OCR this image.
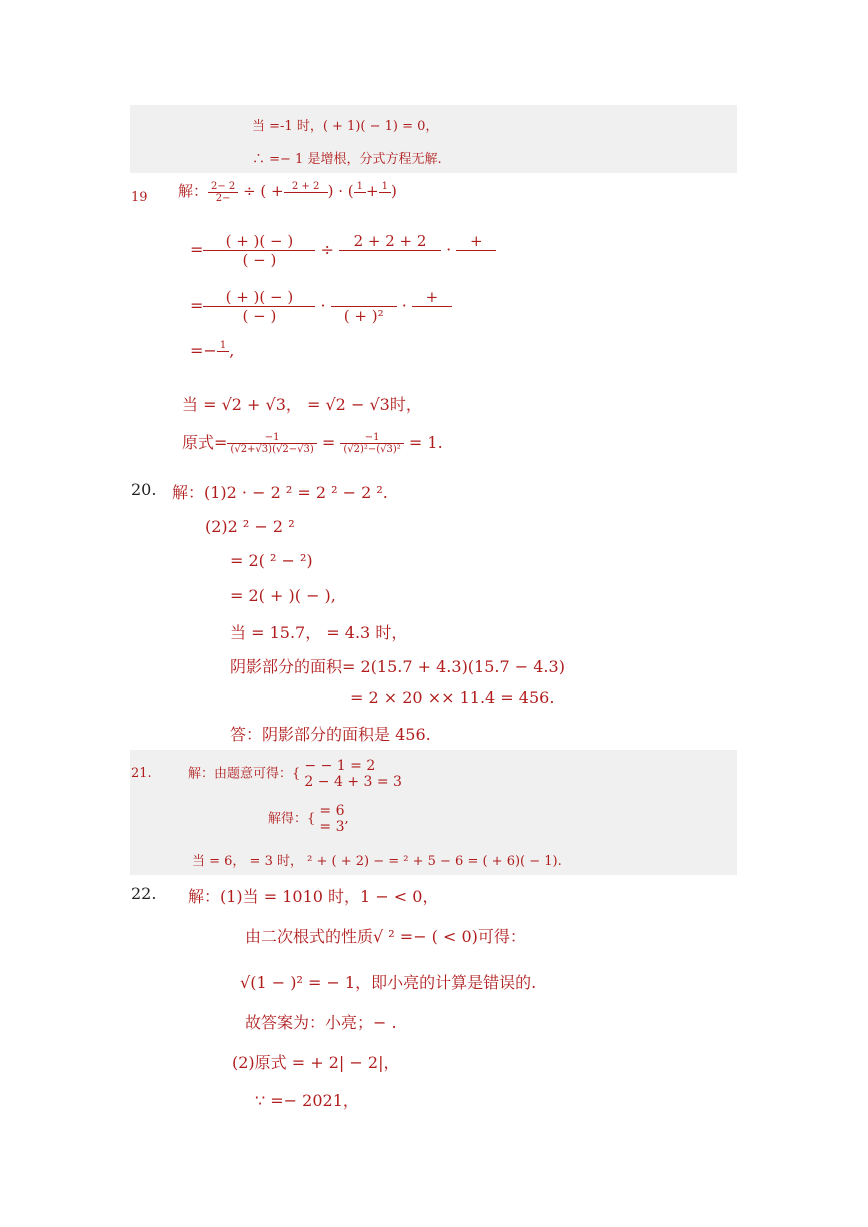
当 =-1 时，( + 1)( − 1) = 0，
∴ =− 1 是增根，分式方程无解.
19 解： $\frac{2- 2}{2-}$ ÷ ( + 2 + 2
) · ( 1
+ 1
)
= $\frac{( + )( - )}{( - )}$ ÷	2 + 2 + 2
	·	+

= $\frac{( + )( - )}{( - )}$ ·

( + )²
·	+

=− 1
,
当 = √2 + √3， = √2 − √3时，
原式= $\frac{-1}{(√2+√3)(√2-√3)} = \frac{-1}{\text{(√2)²−(√3)²}} = 1$.
20. 解：(1)2 · − 2 ² = 2 ² − 2 ².
(2)2 ² − 2 ²
= 2( ² − ²)
= 2( + )( − ),
当 = 15.7， = 4.3 时，
阴影部分的面积= 2(15.7 + 4.3)(15.7 − 4.3)
= 2 × 20 ×× 11.4 = 456.
答：阴影部分的面积是 456.
21.	解：由题意可得：{ − − 1 = 2
2 − 4 + 3 = 3
解得：{ = 6
= 3 ,
当 = 6， = 3 时， ² + ( + 2) − = ² + 5 − 6 = ( + 6)( − 1).
22. 解：(1)当 = 1010 时，1 − < 0，
由二次根式的性质√ ² =− ( < 0)可得：
√(1 − )² = − 1，即小亮的计算是错误的.
故答案为：小亮；− .
(2)原式 = + 2| − 2|，
∵ =− 2021，
